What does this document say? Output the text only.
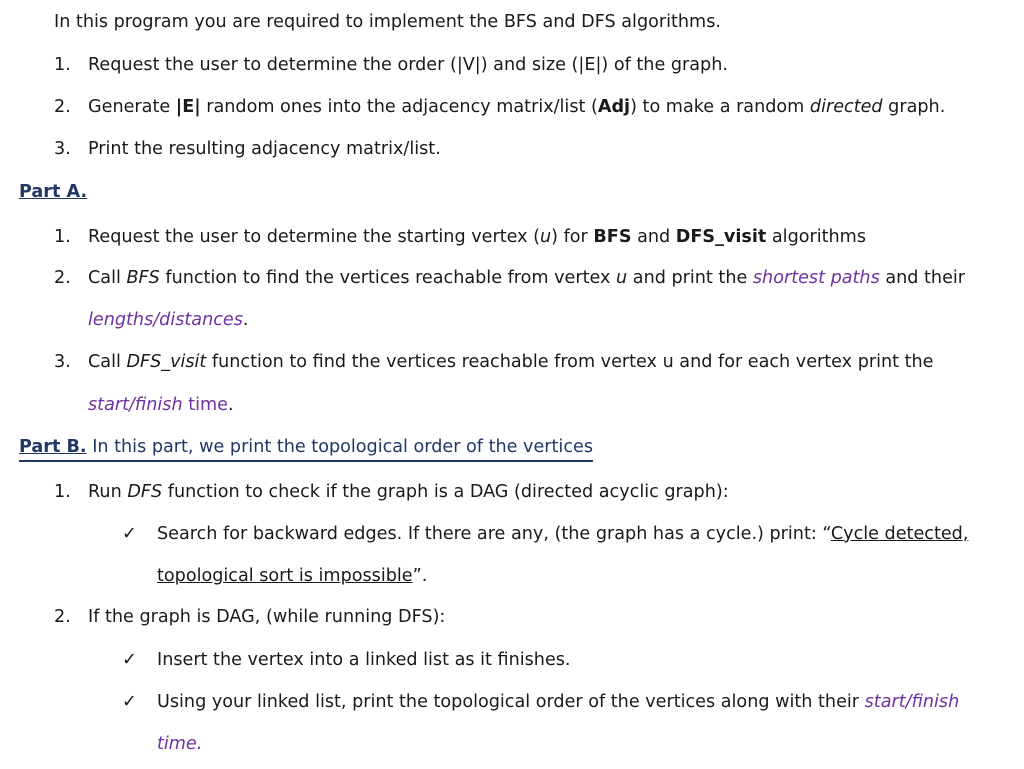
In this program you are required to implement the BFS and DFS algorithms.
1. Request the user to determine the order (|V|) and size (|E|) of the graph.
2. Generate |E| random ones into the adjacency matrix/list (Adj) to make a random directed graph.
3. Print the resulting adjacency matrix/list.
Part A.
1. Request the user to determine the starting vertex (u) for BFS and DFS_visit algorithms
2. Call BFS function to find the vertices reachable from vertex u and print the shortest paths and their
lengths/distances.
3. Call DFS_visit function to find the vertices reachable from vertex u and for each vertex print the
start/finish time.
Part B. In this part, we print the topological order of the vertices
1. Run DFS function to check if the graph is a DAG (directed acyclic graph):
✓ Search for backward edges. If there are any, (the graph has a cycle.) print: “Cycle detected,
topological sort is impossible”.
2. If the graph is DAG, (while running DFS):
✓ Insert the vertex into a linked list as it finishes.
✓ Using your linked list, print the topological order of the vertices along with their start/finish
time.
